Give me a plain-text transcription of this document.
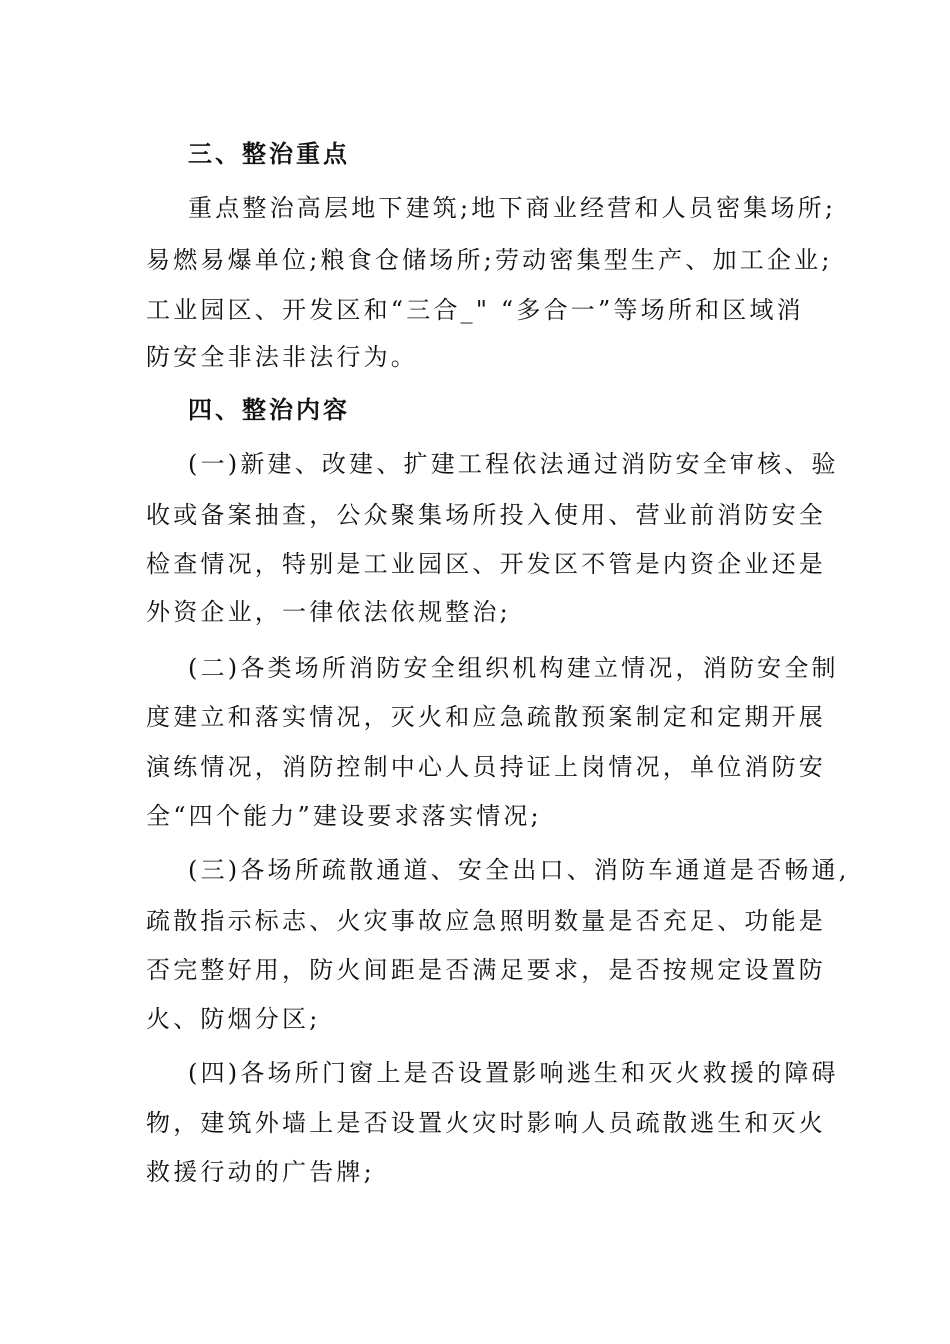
三、整治重点
重点整治高层地下建筑;地下商业经营和人员密集场所;
易燃易爆单位;粮食仓储场所;劳动密集型生产、加工企业;
工业园区、开发区和“三合_" “多合一”等场所和区域消
防安全非法非法行为。
四、整治内容
(一)新建、改建、扩建工程依法通过消防安全审核、验
收或备案抽查，公众聚集场所投入使用、营业前消防安全
检查情况，特别是工业园区、开发区不管是内资企业还是
外资企业，一律依法依规整治;
(二)各类场所消防安全组织机构建立情况，消防安全制
度建立和落实情况，灭火和应急疏散预案制定和定期开展
演练情况，消防控制中心人员持证上岗情况，单位消防安
全“四个能力”建设要求落实情况;
(三)各场所疏散通道、安全出口、消防车通道是否畅通,
疏散指示标志、火灾事故应急照明数量是否充足、功能是
否完整好用，防火间距是否满足要求，是否按规定设置防
火、防烟分区;
(四)各场所门窗上是否设置影响逃生和灭火救援的障碍
物，建筑外墙上是否设置火灾时影响人员疏散逃生和灭火
救援行动的广告牌;
